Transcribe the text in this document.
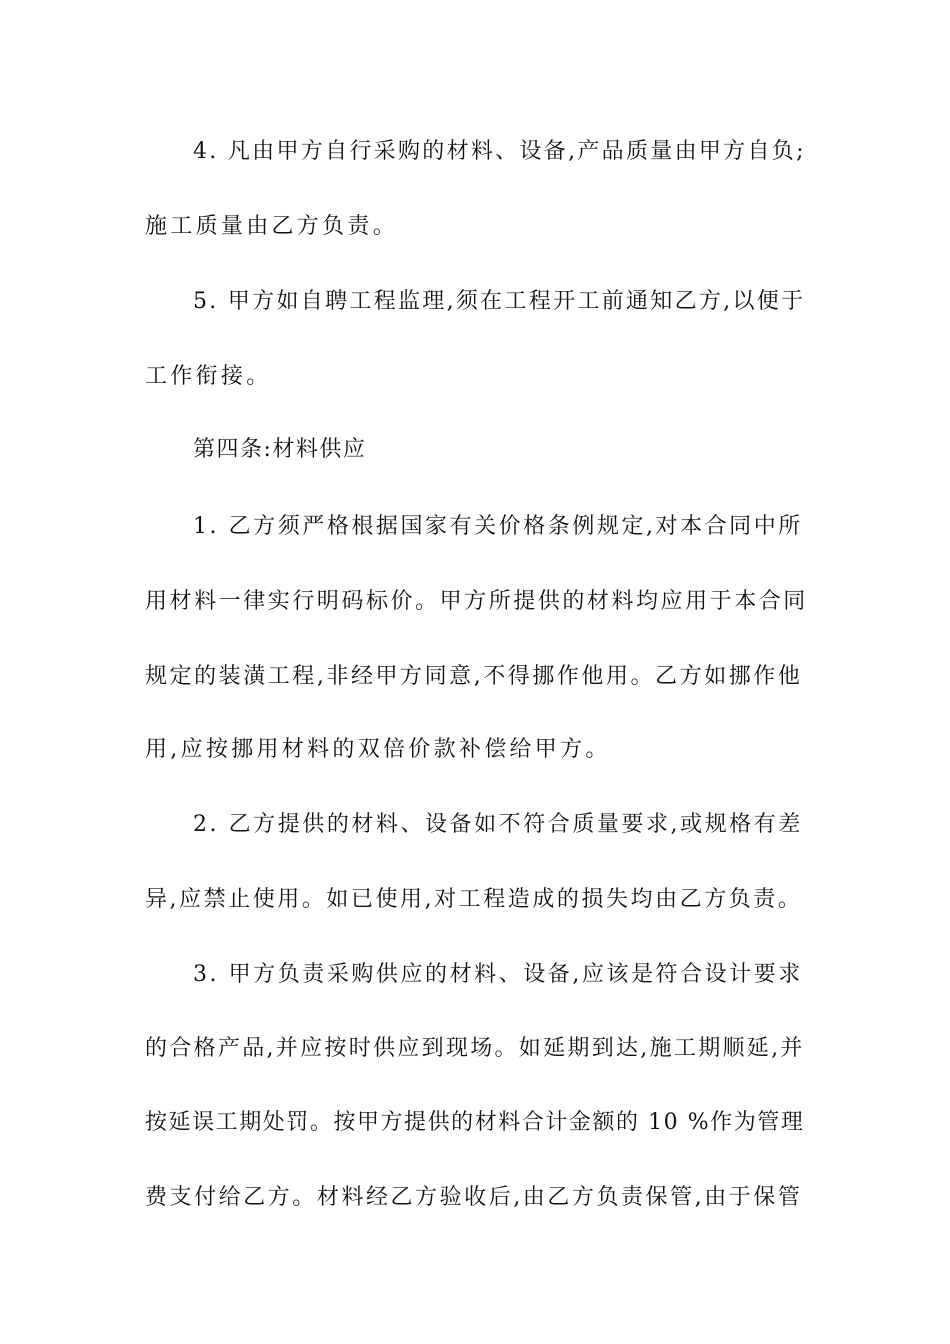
4. 凡由甲方自行采购的材料、设备,产品质量由甲方自负;
施工质量由乙方负责。
5. 甲方如自聘工程监理,须在工程开工前通知乙方,以便于
工作衔接。
第四条:材料供应
1. 乙方须严格根据国家有关价格条例规定,对本合同中所
用材料一律实行明码标价。甲方所提供的材料均应用于本合同
规定的装潢工程,非经甲方同意,不得挪作他用。乙方如挪作他
用,应按挪用材料的双倍价款补偿给甲方。
2. 乙方提供的材料、设备如不符合质量要求,或规格有差
异,应禁止使用。如已使用,对工程造成的损失均由乙方负责。
3. 甲方负责采购供应的材料、设备,应该是符合设计要求
的合格产品,并应按时供应到现场。如延期到达,施工期顺延,并
按延误工期处罚。按甲方提供的材料合计金额的 10 %作为管理
费支付给乙方。材料经乙方验收后,由乙方负责保管,由于保管
